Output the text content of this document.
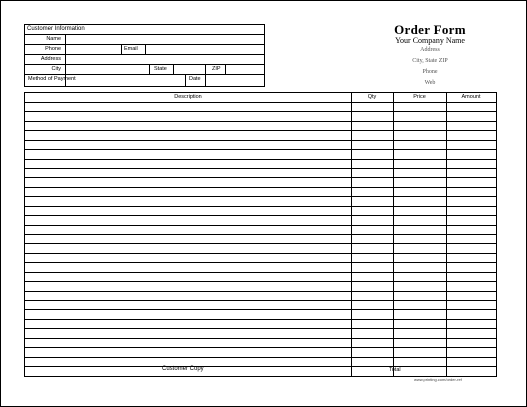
Customer Information
Name
Phone	Email
Address
City	State	ZIP
Method of Payment	Date
Order Form
Your Company Name
Address
City, State ZIP
Phone
Web
Description	Qty	Price	Amount
Customer Copy	Total
www.printing.com/order-ref
